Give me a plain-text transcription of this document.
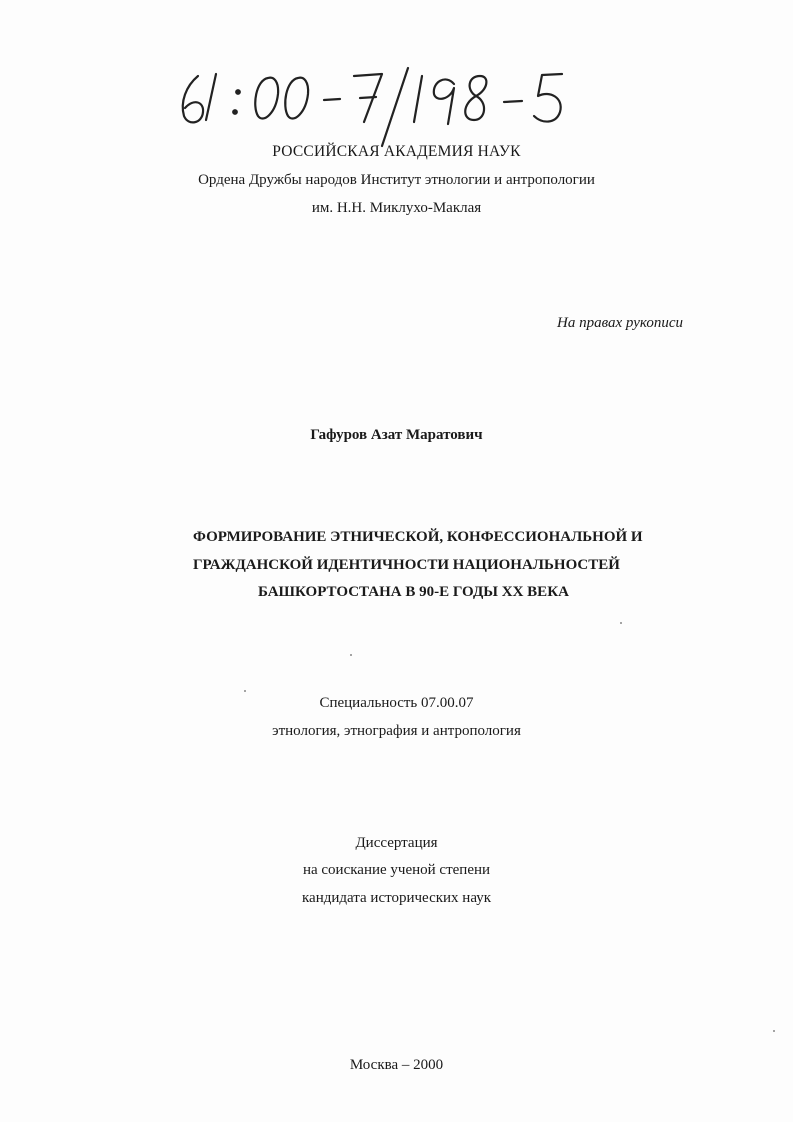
РОССИЙСКАЯ АКАДЕМИЯ НАУК
Ордена Дружбы народов Институт этнологии и антропологии
им. Н.Н. Миклухо-Маклая
На правах рукописи
Гафуров Азат Маратович
ФОРМИРОВАНИЕ ЭТНИЧЕСКОЙ, КОНФЕССИОНАЛЬНОЙ И
ГРАЖДАНСКОЙ ИДЕНТИЧНОСТИ НАЦИОНАЛЬНОСТЕЙ
БАШКОРТОСТАНА В 90-Е ГОДЫ XX ВЕКА
Специальность 07.00.07
этнология, этнография и антропология
Диссертация
на соискание ученой степени
кандидата исторических наук
Москва – 2000
